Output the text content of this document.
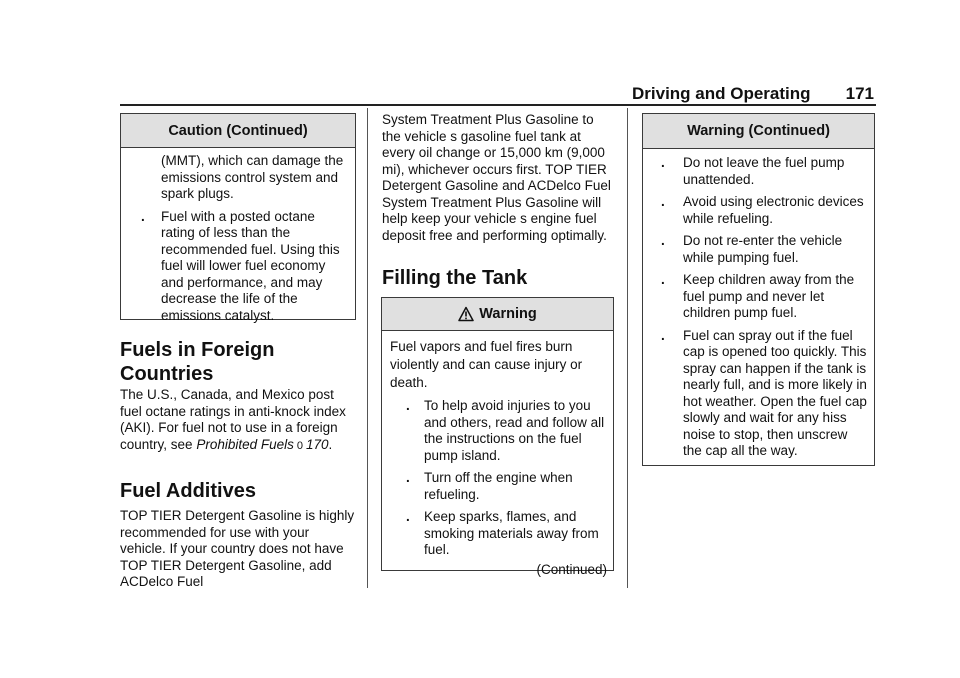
Driving and Operating 171
Caution (Continued)
(MMT), which can damage the emissions control system and spark plugs.
. Fuel with a posted octane rating of less than the recommended fuel. Using this fuel will lower fuel economy and performance, and may decrease the life of the emissions catalyst.
Fuels in Foreign Countries
The U.S., Canada, and Mexico post fuel octane ratings in anti-knock index (AKI). For fuel not to use in a foreign country, see Prohibited Fuels 0 170.
Fuel Additives
TOP TIER Detergent Gasoline is highly recommended for use with your vehicle. If your country does not have TOP TIER Detergent Gasoline, add ACDelco Fuel
System Treatment Plus Gasoline to the vehicle s gasoline fuel tank at every oil change or 15,000 km (9,000 mi), whichever occurs first. TOP TIER Detergent Gasoline and ACDelco Fuel System Treatment Plus Gasoline will help keep your vehicle s engine fuel deposit free and performing optimally.
Filling the Tank
Warning
Fuel vapors and fuel fires burn violently and can cause injury or death.
. To help avoid injuries to you and others, read and follow all the instructions on the fuel pump island.
. Turn off the engine when refueling.
. Keep sparks, flames, and smoking materials away from fuel.
(Continued)
Warning (Continued)
. Do not leave the fuel pump unattended.
. Avoid using electronic devices while refueling.
. Do not re-enter the vehicle while pumping fuel.
. Keep children away from the fuel pump and never let children pump fuel.
. Fuel can spray out if the fuel cap is opened too quickly. This spray can happen if the tank is nearly full, and is more likely in hot weather. Open the fuel cap slowly and wait for any hiss noise to stop, then unscrew the cap all the way.
